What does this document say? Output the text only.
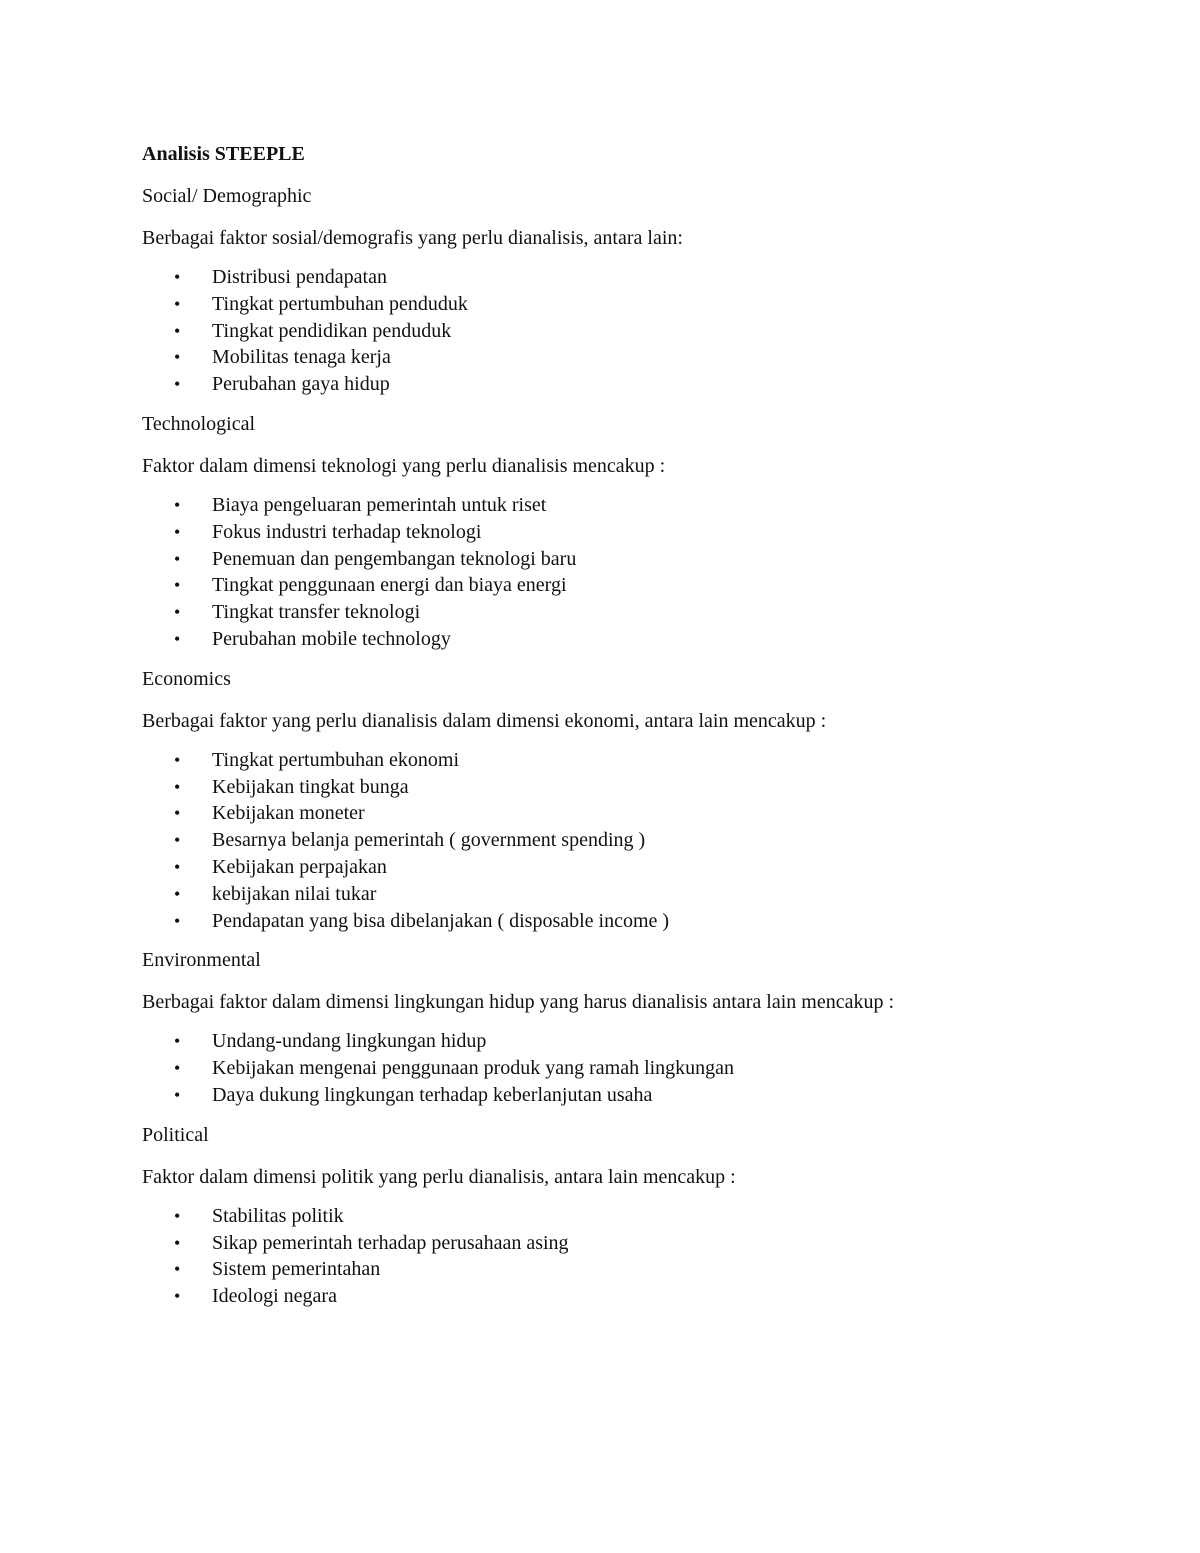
Analisis STEEPLE
Social/ Demographic
Berbagai faktor sosial/demografis yang perlu dianalisis, antara lain:
• Distribusi pendapatan
• Tingkat pertumbuhan penduduk
• Tingkat pendidikan penduduk
• Mobilitas tenaga kerja
• Perubahan gaya hidup
Technological
Faktor dalam dimensi teknologi yang perlu dianalisis mencakup :
• Biaya pengeluaran pemerintah untuk riset
• Fokus industri terhadap teknologi
• Penemuan dan pengembangan teknologi baru
• Tingkat penggunaan energi dan biaya energi
• Tingkat transfer teknologi
• Perubahan mobile technology
Economics
Berbagai faktor yang perlu dianalisis dalam dimensi ekonomi, antara lain mencakup :
• Tingkat pertumbuhan ekonomi
• Kebijakan tingkat bunga
• Kebijakan moneter
• Besarnya belanja pemerintah ( government spending )
• Kebijakan perpajakan
• kebijakan nilai tukar
• Pendapatan yang bisa dibelanjakan ( disposable income )
Environmental
Berbagai faktor dalam dimensi lingkungan hidup yang harus dianalisis antara lain mencakup :
• Undang-undang lingkungan hidup
• Kebijakan mengenai penggunaan produk yang ramah lingkungan
• Daya dukung lingkungan terhadap keberlanjutan usaha
Political
Faktor dalam dimensi politik yang perlu dianalisis, antara lain mencakup :
• Stabilitas politik
• Sikap pemerintah terhadap perusahaan asing
• Sistem pemerintahan
• Ideologi negara
